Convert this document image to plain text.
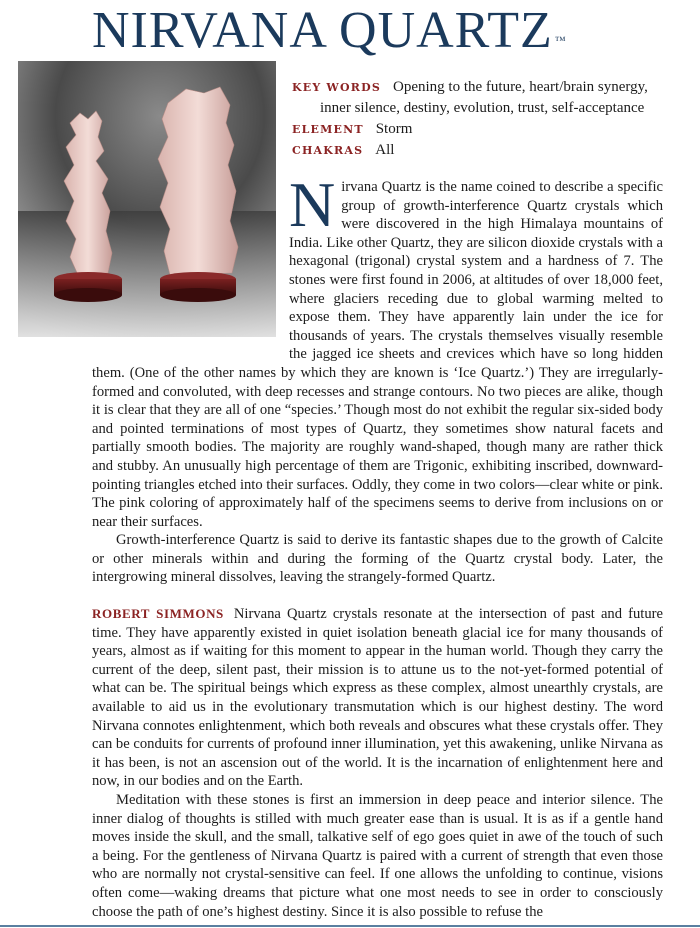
NIRVANA QUARTZ ™
KEY WORDS Opening to the future, heart/brain synergy,
inner silence, destiny, evolution, trust, self-acceptance
ELEMENT Storm
CHAKRAS All

Nirvana Quartz is the name coined to describe a specific group of growth-interference Quartz crystals which were discovered in the high Himalaya mountains of India. Like other Quartz, they are silicon dioxide crystals with a hexagonal (trigonal) crystal system and a hardness of 7. The stones were first found in 2006, at altitudes of over 18,000 feet, where glaciers receding due to global warming melted to expose them. They have apparently lain under the ice for thousands of years. The crystals themselves visually resemble the jagged ice sheets and crevices which have so long hidden them. (One of the other names by which they are known is ‘Ice Quartz.’) They are irregularly-formed and convoluted, with deep recesses and strange contours. No two pieces are alike, though it is clear that they are all of one “species.’ Though most do not exhibit the regular six-sided body and pointed terminations of most types of Quartz, they sometimes show natural facets and partially smooth bodies. The majority are roughly wand-shaped, though many are rather thick and stubby. An unusually high percentage of them are Trigonic, exhibiting inscribed, downward-pointing triangles etched into their surfaces. Oddly, they come in two colors—clear white or pink. The pink coloring of approximately half of the specimens seems to derive from inclusions on or near their surfaces.

Growth-interference Quartz is said to derive its fantastic shapes due to the growth of Calcite or other minerals within and during the forming of the Quartz crystal body. Later, the intergrowing mineral dissolves, leaving the strangely-formed Quartz.

ROBERT SIMMONS Nirvana Quartz crystals resonate at the intersection of past and future time. They have apparently existed in quiet isolation beneath glacial ice for many thousands of years, almost as if waiting for this moment to appear in the human world. Though they carry the current of the deep, silent past, their mission is to attune us to the not-yet-formed potential of what can be. The spiritual beings which express as these complex, almost unearthly crystals, are available to aid us in the evolutionary transmutation which is our highest destiny. The word Nirvana connotes enlightenment, which both reveals and obscures what these crystals offer. They can be conduits for currents of profound inner illumination, yet this awakening, unlike Nirvana as it has been, is not an ascension out of the world. It is the incarnation of enlightenment here and now, in our bodies and on the Earth.

Meditation with these stones is first an immersion in deep peace and interior silence. The inner dialog of thoughts is stilled with much greater ease than is usual. It is as if a gentle hand moves inside the skull, and the small, talkative self of ego goes quiet in awe of the touch of such a being. For the gentleness of Nirvana Quartz is paired with a current of strength that even those who are normally not crystal-sensitive can feel. If one allows the unfolding to continue, visions often come—waking dreams that picture what one most needs to see in order to consciously choose the path of one’s highest destiny. Since it is also possible to refuse the
